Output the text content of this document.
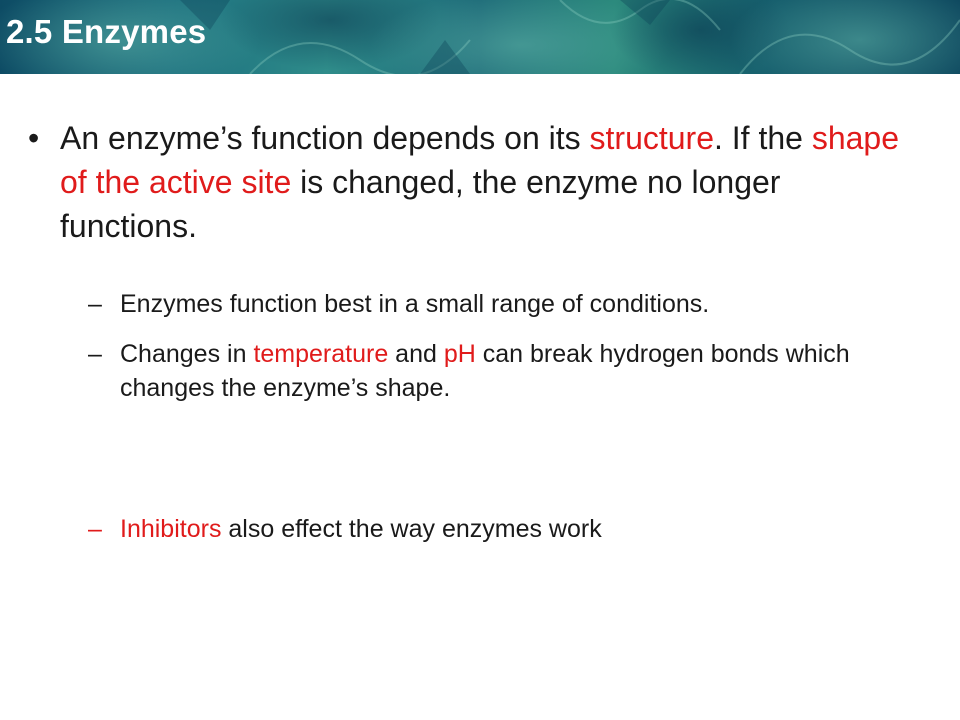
2.5 Enzymes
• An enzyme’s function depends on its structure. If the shape of the active site is changed, the enzyme no longer functions.
– Enzymes function best in a small range of conditions.
– Changes in temperature and pH can break hydrogen bonds which changes the enzyme’s shape.
– Inhibitors also effect the way enzymes work
